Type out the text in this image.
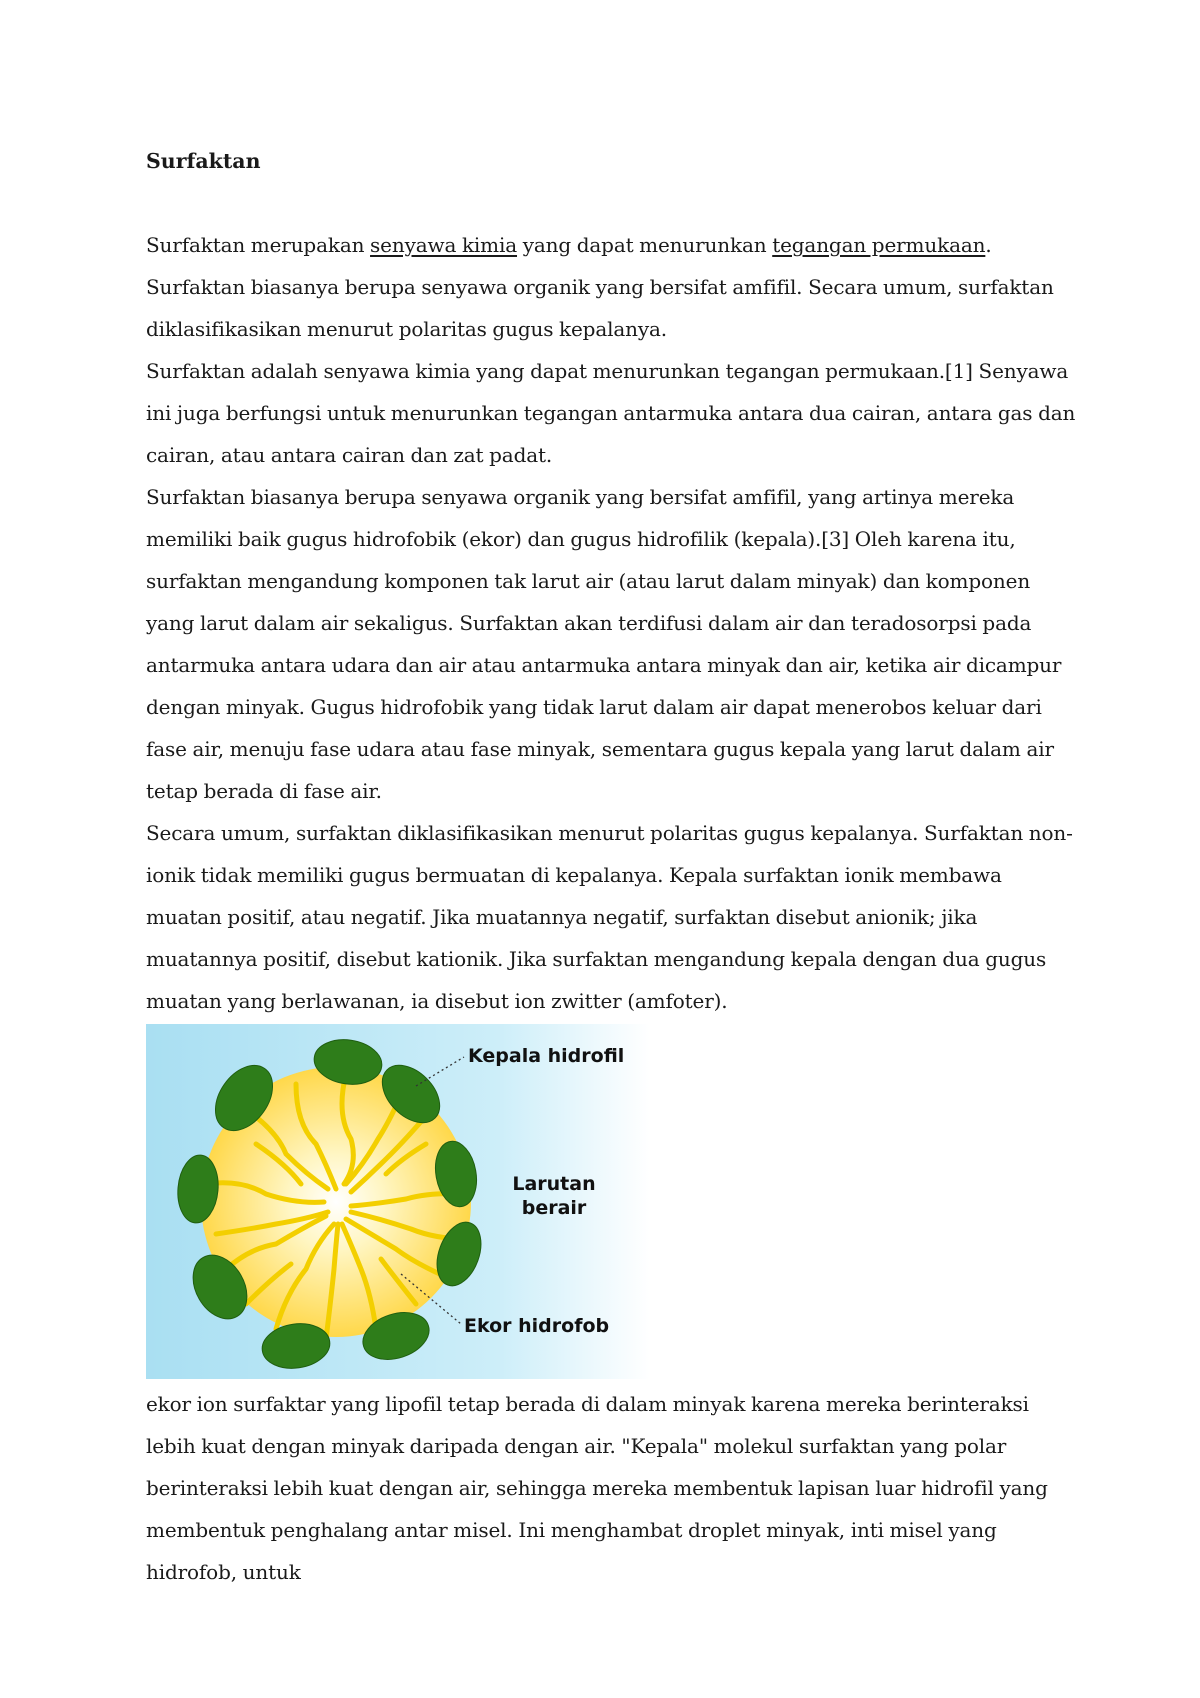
Surfaktan

Surfaktan merupakan senyawa kimia yang dapat menurunkan tegangan permukaan. Surfaktan biasanya berupa senyawa organik yang bersifat amfifil. Secara umum, surfaktan diklasifikasikan menurut polaritas gugus kepalanya.

Surfaktan adalah senyawa kimia yang dapat menurunkan tegangan permukaan.[1] Senyawa ini juga berfungsi untuk menurunkan tegangan antarmuka antara dua cairan, antara gas dan cairan, atau antara cairan dan zat padat.

Surfaktan biasanya berupa senyawa organik yang bersifat amfifil, yang artinya mereka memiliki baik gugus hidrofobik (ekor) dan gugus hidrofilik (kepala).[3] Oleh karena itu, surfaktan mengandung komponen tak larut air (atau larut dalam minyak) dan komponen yang larut dalam air sekaligus. Surfaktan akan terdifusi dalam air dan teradosorpsi pada antarmuka antara udara dan air atau antarmuka antara minyak dan air, ketika air dicampur dengan minyak. Gugus hidrofobik yang tidak larut dalam air dapat menerobos keluar dari fase air, menuju fase udara atau fase minyak, sementara gugus kepala yang larut dalam air tetap berada di fase air.

Secara umum, surfaktan diklasifikasikan menurut polaritas gugus kepalanya. Surfaktan non-ionik tidak memiliki gugus bermuatan di kepalanya. Kepala surfaktan ionik membawa muatan positif, atau negatif. Jika muatannya negatif, surfaktan disebut anionik; jika muatannya positif, disebut kationik. Jika surfaktan mengandung kepala dengan dua gugus muatan yang berlawanan, ia disebut ion zwitter (amfoter).

Kepala hidrofil
Larutan
berair
Ekor hidrofob

ekor ion surfaktar yang lipofil tetap berada di dalam minyak karena mereka berinteraksi lebih kuat dengan minyak daripada dengan air. "Kepala" molekul surfaktan yang polar berinteraksi lebih kuat dengan air, sehingga mereka membentuk lapisan luar hidrofil yang membentuk penghalang antar misel. Ini menghambat droplet minyak, inti misel yang hidrofob, untuk
